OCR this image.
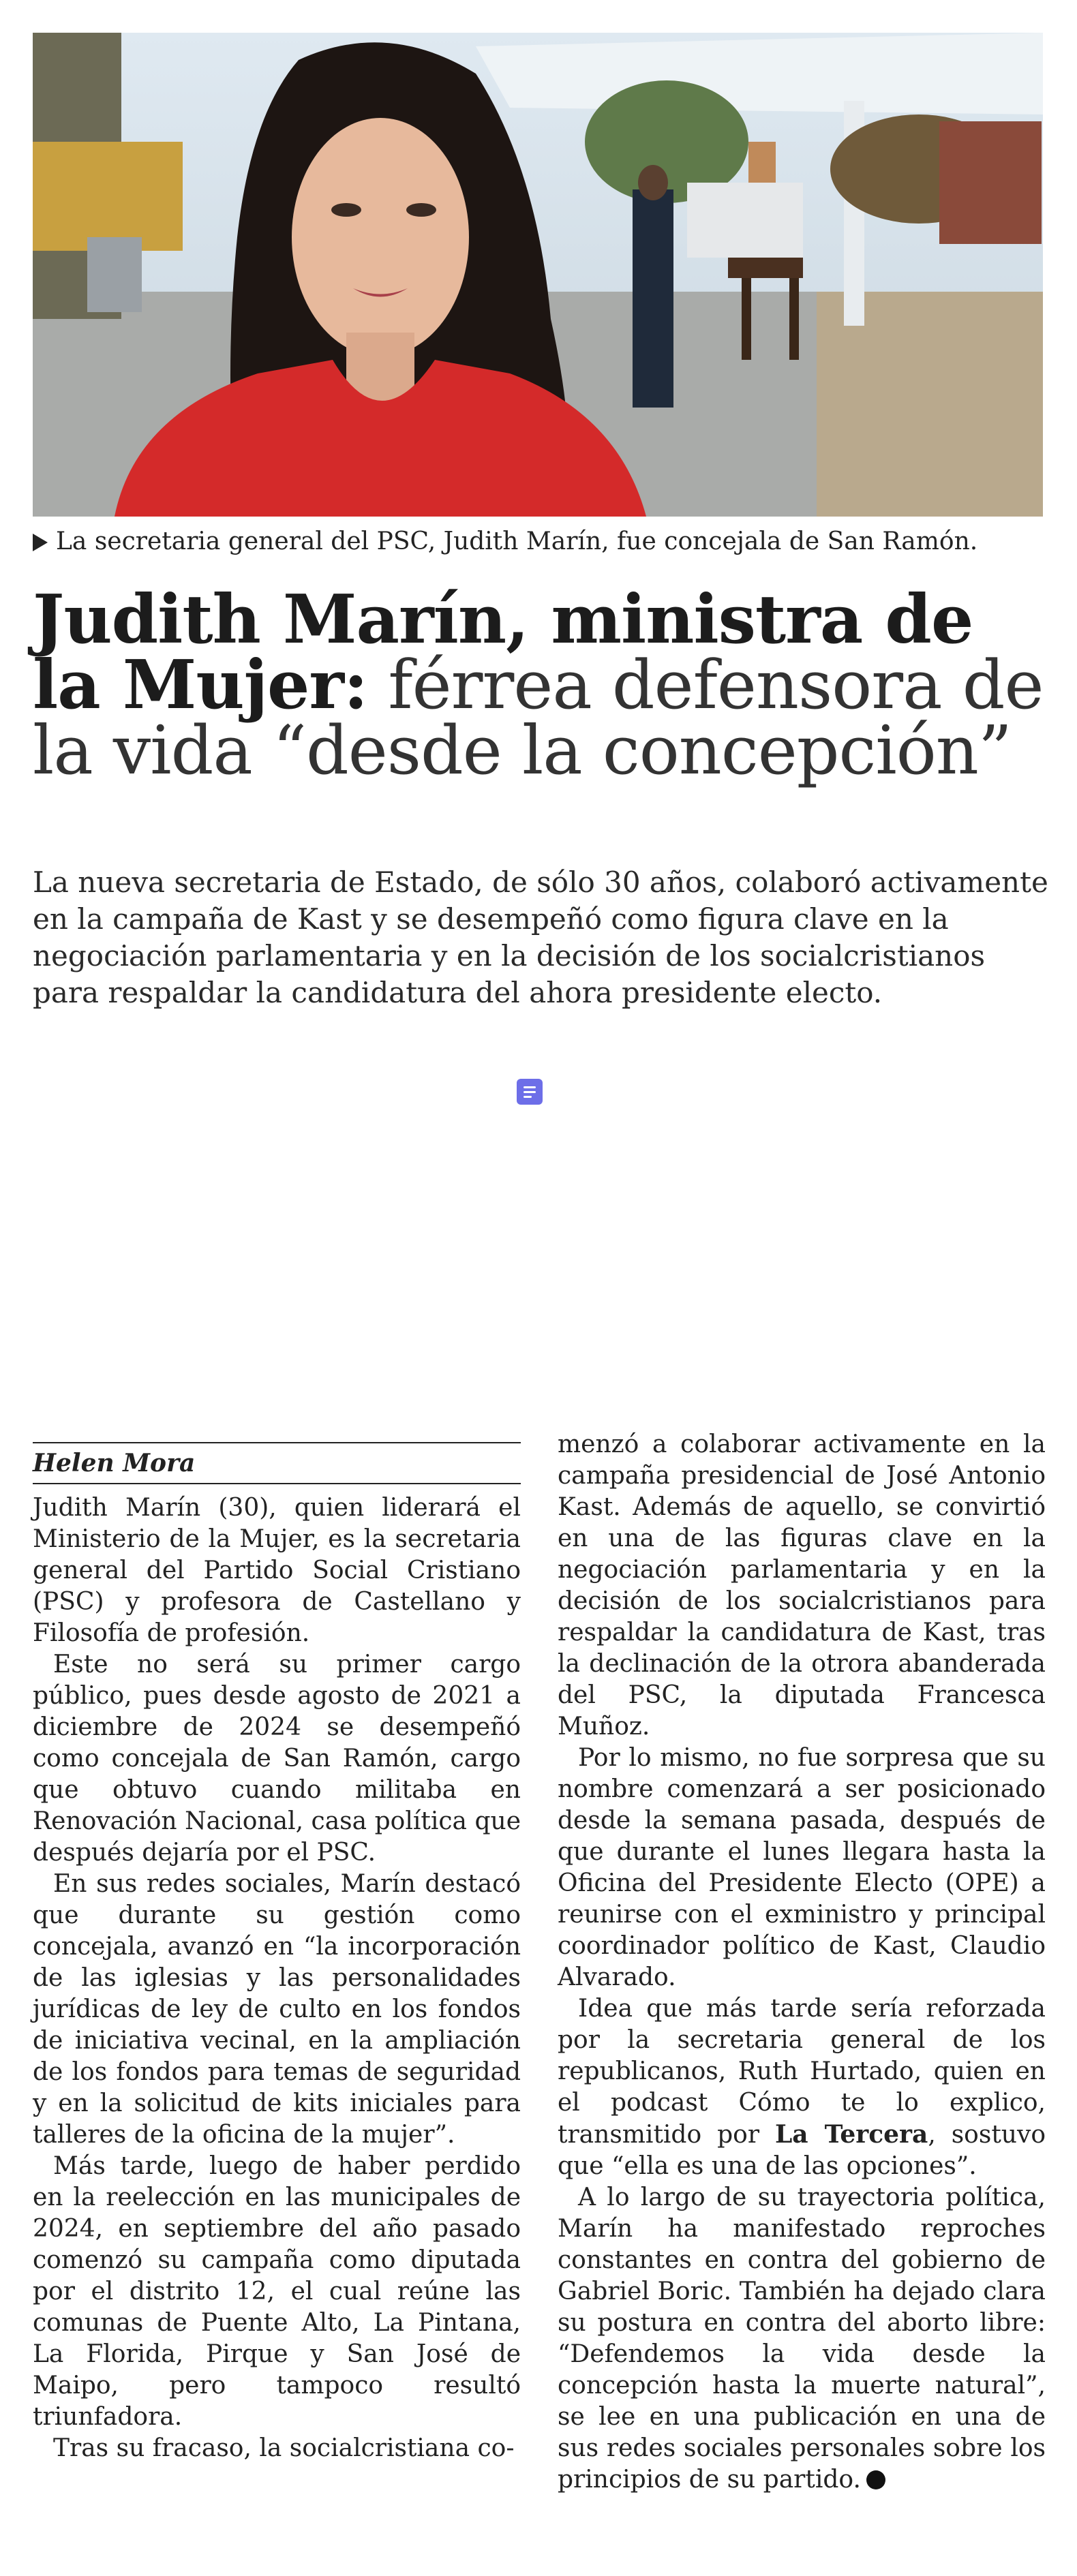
La secretaria general del PSC, Judith Marín, fue concejala de San Ramón.
Judith Marín, ministra de la Mujer: férrea defensora de la vida “desde la concepción”
La nueva secretaria de Estado, de sólo 30 años, colaboró activamente en la campaña de Kast y se desempeñó como figura clave en la negociación parlamentaria y en la decisión de los socialcristianos para respaldar la candidatura del ahora presidente electo.
Helen Mora

Judith Marín (30), quien liderará el Ministerio de la Mujer, es la secretaria general del Partido Social Cristiano (PSC) y profesora de Castellano y Filosofía de profesión.

Este no será su primer cargo público, pues desde agosto de 2021 a diciembre de 2024 se desempeñó como concejala de San Ramón, cargo que obtuvo cuando militaba en Renovación Nacional, casa política que después dejaría por el PSC.

En sus redes sociales, Marín destacó que durante su gestión como concejala, avanzó en “la incorporación de las iglesias y las personalidades jurídicas de ley de culto en los fondos de iniciativa vecinal, en la ampliación de los fondos para temas de seguridad y en la solicitud de kits iniciales para talleres de la oficina de la mujer”.

Más tarde, luego de haber perdido en la reelección en las municipales de 2024, en septiembre del año pasado comenzó su campaña como diputada por el distrito 12, el cual reúne las comunas de Puente Alto, La Pintana, La Florida, Pirque y San José de Maipo, pero tampoco resultó triunfadora.

Tras su fracaso, la socialcristiana co-

menzó a colaborar activamente en la campaña presidencial de José Antonio Kast. Además de aquello, se convirtió en una de las figuras clave en la negociación parlamentaria y en la decisión de los socialcristianos para respaldar la candidatura de Kast, tras la declinación de la otrora abanderada del PSC, la diputada Francesca Muñoz.

Por lo mismo, no fue sorpresa que su nombre comenzará a ser posicionado desde la semana pasada, después de que durante el lunes llegara hasta la Oficina del Presidente Electo (OPE) a reunirse con el exministro y principal coordinador político de Kast, Claudio Alvarado.

Idea que más tarde sería reforzada por la secretaria general de los republicanos, Ruth Hurtado, quien en el podcast Cómo te lo explico, transmitido por La Tercera, sostuvo que “ella es una de las opciones”.

A lo largo de su trayectoria política, Marín ha manifestado reproches constantes en contra del gobierno de Gabriel Boric. También ha dejado clara su postura en contra del aborto libre: “Defendemos la vida desde la concepción hasta la muerte natural”, se lee en una publicación en una de sus redes sociales personales sobre los principios de su partido.
